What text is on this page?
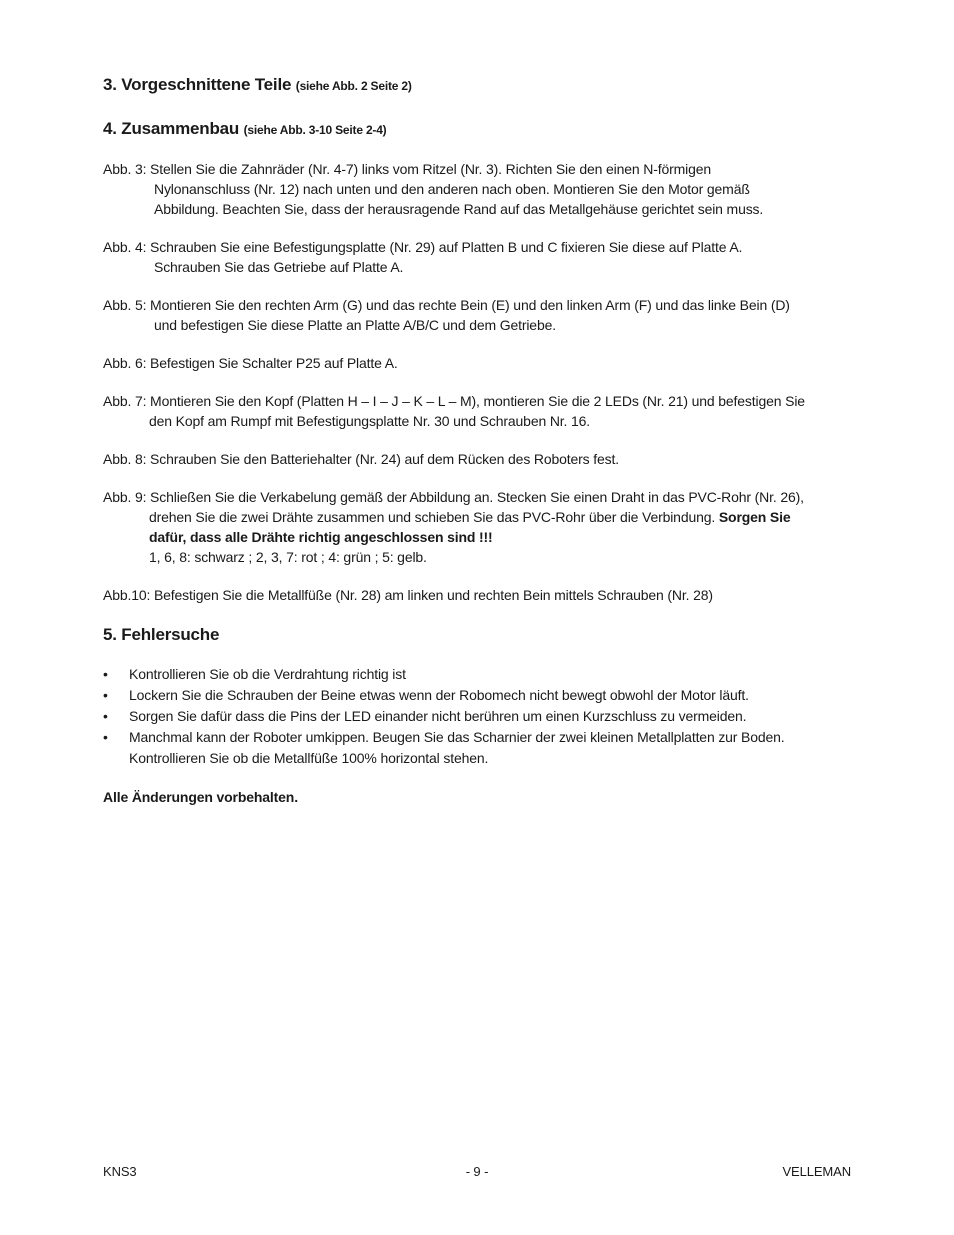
3. Vorgeschnittene Teile (siehe Abb. 2 Seite 2)

4. Zusammenbau (siehe Abb. 3-10 Seite 2-4)

Abb. 3: Stellen Sie die Zahnräder (Nr. 4-7) links vom Ritzel (Nr. 3). Richten Sie den einen N-förmigen
Nylonanschluss (Nr. 12) nach unten und den anderen nach oben. Montieren Sie den Motor gemäß
Abbildung. Beachten Sie, dass der herausragende Rand auf das Metallgehäuse gerichtet sein muss.

Abb. 4: Schrauben Sie eine Befestigungsplatte (Nr. 29) auf Platten B und C fixieren Sie diese auf Platte A.
Schrauben Sie das Getriebe auf Platte A.

Abb. 5: Montieren Sie den rechten Arm (G) und das rechte Bein (E) und den linken Arm (F) und das linke Bein (D)
und befestigen Sie diese Platte an Platte A/B/C und dem Getriebe.

Abb. 6: Befestigen Sie Schalter P25 auf Platte A.

Abb. 7: Montieren Sie den Kopf (Platten H – I – J – K – L – M), montieren Sie die 2 LEDs (Nr. 21) und befestigen Sie
den Kopf am Rumpf mit Befestigungsplatte Nr. 30 und Schrauben Nr. 16.

Abb. 8: Schrauben Sie den Batteriehalter (Nr. 24) auf dem Rücken des Roboters fest.

Abb. 9: Schließen Sie die Verkabelung gemäß der Abbildung an. Stecken Sie einen Draht in das PVC-Rohr (Nr. 26),
drehen Sie die zwei Drähte zusammen und schieben Sie das PVC-Rohr über die Verbindung. Sorgen Sie
dafür, dass alle Drähte richtig angeschlossen sind !!!
1, 6, 8: schwarz ; 2, 3, 7: rot ; 4: grün ; 5: gelb.

Abb.10: Befestigen Sie die Metallfüße (Nr. 28) am linken und rechten Bein mittels Schrauben (Nr. 28)

5. Fehlersuche

•	Kontrollieren Sie ob die Verdrahtung richtig ist
•	Lockern Sie die Schrauben der Beine etwas wenn der Robomech nicht bewegt obwohl der Motor läuft.
•	Sorgen Sie dafür dass die Pins der LED einander nicht berühren um einen Kurzschluss zu vermeiden.
•	Manchmal kann der Roboter umkippen. Beugen Sie das Scharnier der zwei kleinen Metallplatten zur Boden.
Kontrollieren Sie ob die Metallfüße 100% horizontal stehen.

Alle Änderungen vorbehalten.

KNS3	- 9 -	VELLEMAN
